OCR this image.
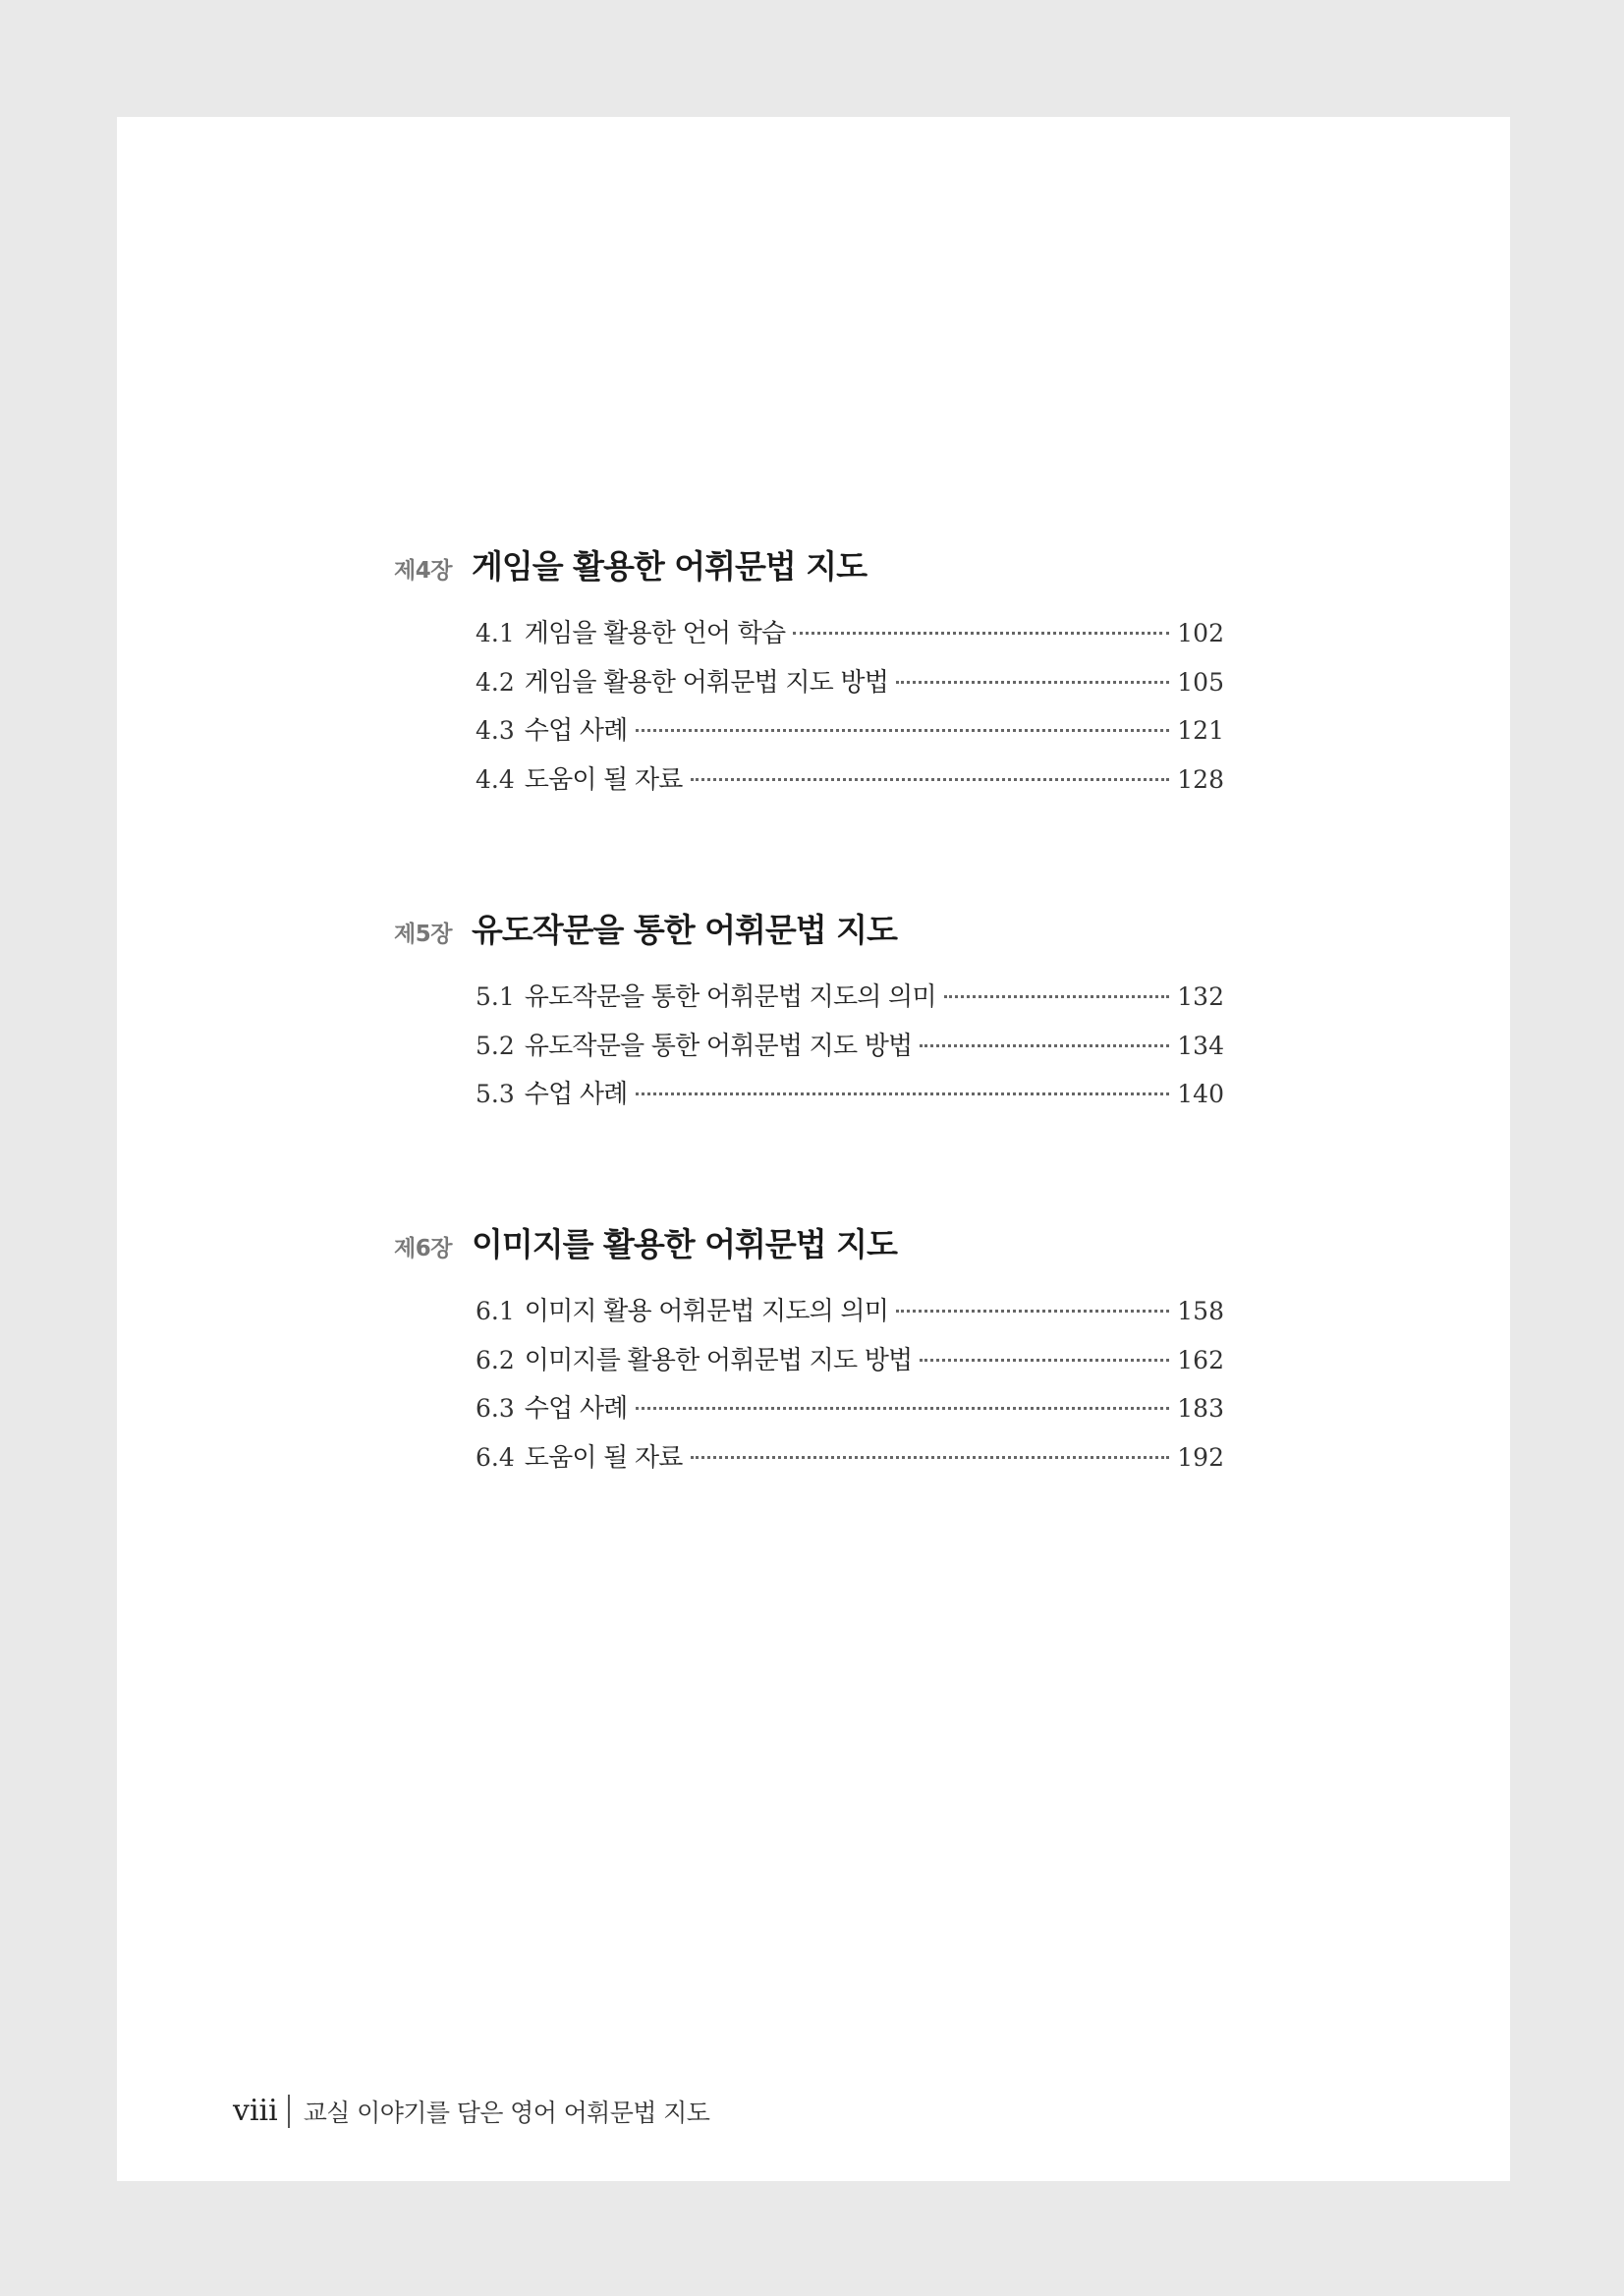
제4장 게임을 활용한 어휘문법 지도
4.1 게임을 활용한 언어 학습	102
4.2 게임을 활용한 어휘문법 지도 방법	105
4.3 수업 사례	121
4.4 도움이 될 자료	128
제5장 유도작문을 통한 어휘문법 지도
5.1 유도작문을 통한 어휘문법 지도의 의미	132
5.2 유도작문을 통한 어휘문법 지도 방법	134
5.3 수업 사례	140
제6장 이미지를 활용한 어휘문법 지도
6.1 이미지 활용 어휘문법 지도의 의미	158
6.2 이미지를 활용한 어휘문법 지도 방법	162
6.3 수업 사례	183
6.4 도움이 될 자료	192
viii	교실 이야기를 담은 영어 어휘문법 지도
